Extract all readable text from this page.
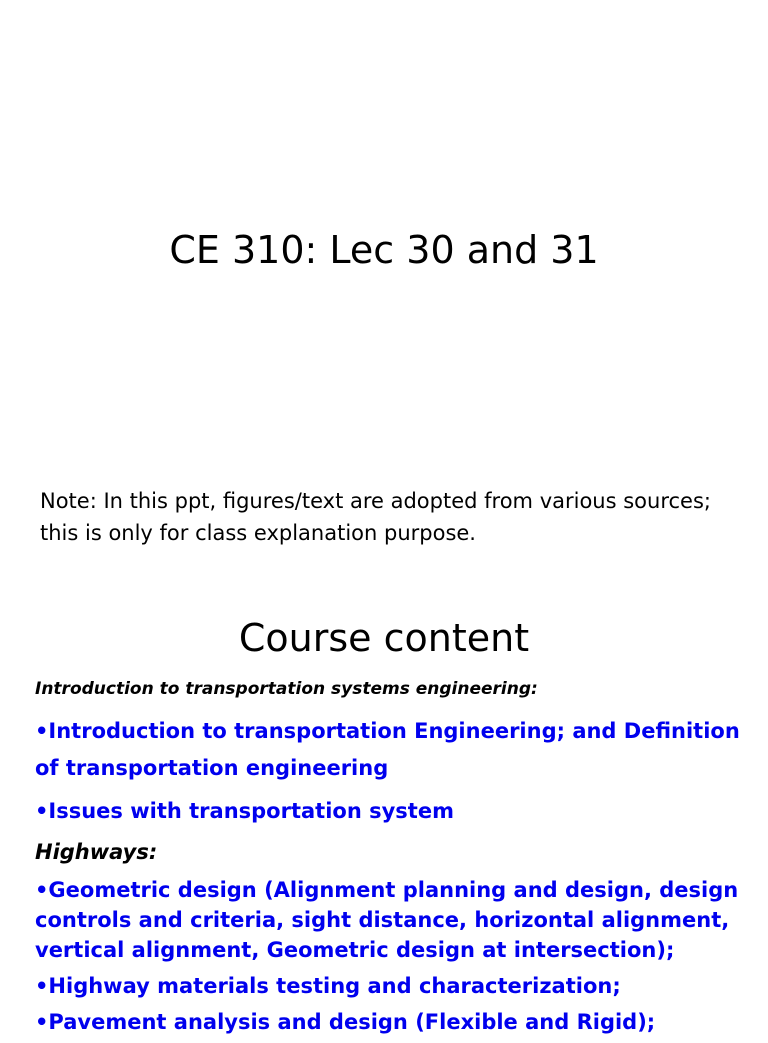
CE 310: Lec 30 and 31
Note: In this ppt, figures/text are adopted from various sources; this is only for class explanation purpose.
Course content
Introduction to transportation systems engineering:
•Introduction to transportation Engineering; and Definition of transportation engineering
•Issues with transportation system
Highways:
•Geometric design (Alignment planning and design, design controls and criteria, sight distance, horizontal alignment, vertical alignment, Geometric design at intersection);
•Highway materials testing and characterization;
•Pavement analysis and design (Flexible and Rigid);
